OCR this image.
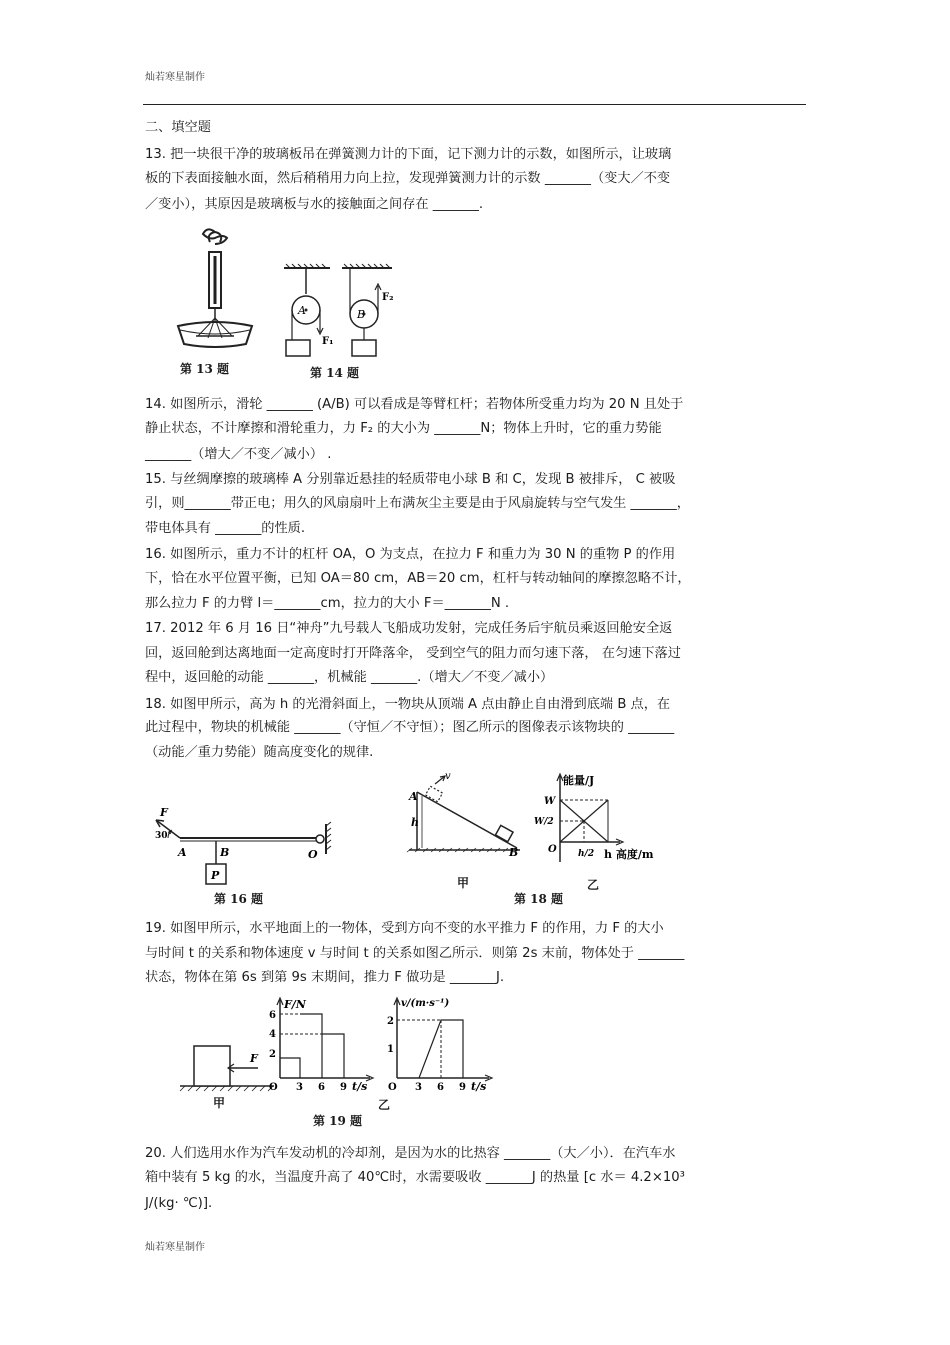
灿若寒星制作
二、填空题
13. 把一块很干净的玻璃板吊在弹簧测力计的下面，记下测力计的示数，如图所示，让玻璃
板的下表面接触水面，然后稍稍用力向上拉，发现弹簧测力计的示数 _______（变大／不变
／变小），其原因是玻璃板与水的接触面之间存在 _______.
14. 如图所示，滑轮 _______ (A/B) 可以看成是等臂杠杆；若物体所受重力均为 20 N 且处于
静止状态，不计摩擦和滑轮重力，力 F₂ 的大小为 _______N；物体上升时，它的重力势能
_______（增大／不变／减小） .
15. 与丝绸摩擦的玻璃棒 A 分别靠近悬挂的轻质带电小球 B 和 C，发现 B 被排斥， C 被吸
引，则_______带正电；用久的风扇扇叶上布满灰尘主要是由于风扇旋转与空气发生 _______，
带电体具有 _______的性质.
16. 如图所示，重力不计的杠杆 OA，O 为支点，在拉力 F 和重力为 30 N 的重物 P 的作用
下，恰在水平位置平衡，已知 OA＝80 cm，AB＝20 cm，杠杆与转动轴间的摩擦忽略不计，
那么拉力 F 的力臂 l＝_______cm，拉力的大小 F＝_______N .
17. 2012 年 6 月 16 日“神舟”九号载人飞船成功发射，完成任务后宇航员乘返回舱安全返
回，返回舱到达离地面一定高度时打开降落伞， 受到空气的阻力而匀速下落， 在匀速下落过
程中，返回舱的动能 _______，机械能 _______.（增大／不变／减小）
18. 如图甲所示，高为 h 的光滑斜面上，一物块从顶端 A 点由静止自由滑到底端 B 点，在
此过程中，物块的机械能 _______（守恒／不守恒）；图乙所示的图像表示该物块的 _______
（动能／重力势能）随高度变化的规律.
19. 如图甲所示，水平地面上的一物体，受到方向不变的水平推力 F 的作用，力 F 的大小
与时间 t 的关系和物体速度 v 与时间 t 的关系如图乙所示．则第 2s 末前，物体处于 _______
状态，物体在第 6s 到第 9s 末期间，推力 F 做功是 _______J.
20. 人们选用水作为汽车发动机的冷却剂，是因为水的比热容 _______（大／小）．在汽车水
箱中装有 5 kg 的水，当温度升高了 40℃时，水需要吸收 _______J 的热量 [c 水＝ 4.2×10³
J/(kg· ℃)].
灿若寒星制作
第 13 题
A
F₁
B
F₂
第 14 题
F
30°
A	B
P
O
第 16 题
v
A
h
B
甲
第 18 题
能量/J
W
W/2
O h/2 h 高度/m
乙
F
甲
F/N
t/s
6
4
2
O 3 6 9
第 19 题
v/(m·s⁻¹)
t/s
2
1
O 3 6 9
乙
